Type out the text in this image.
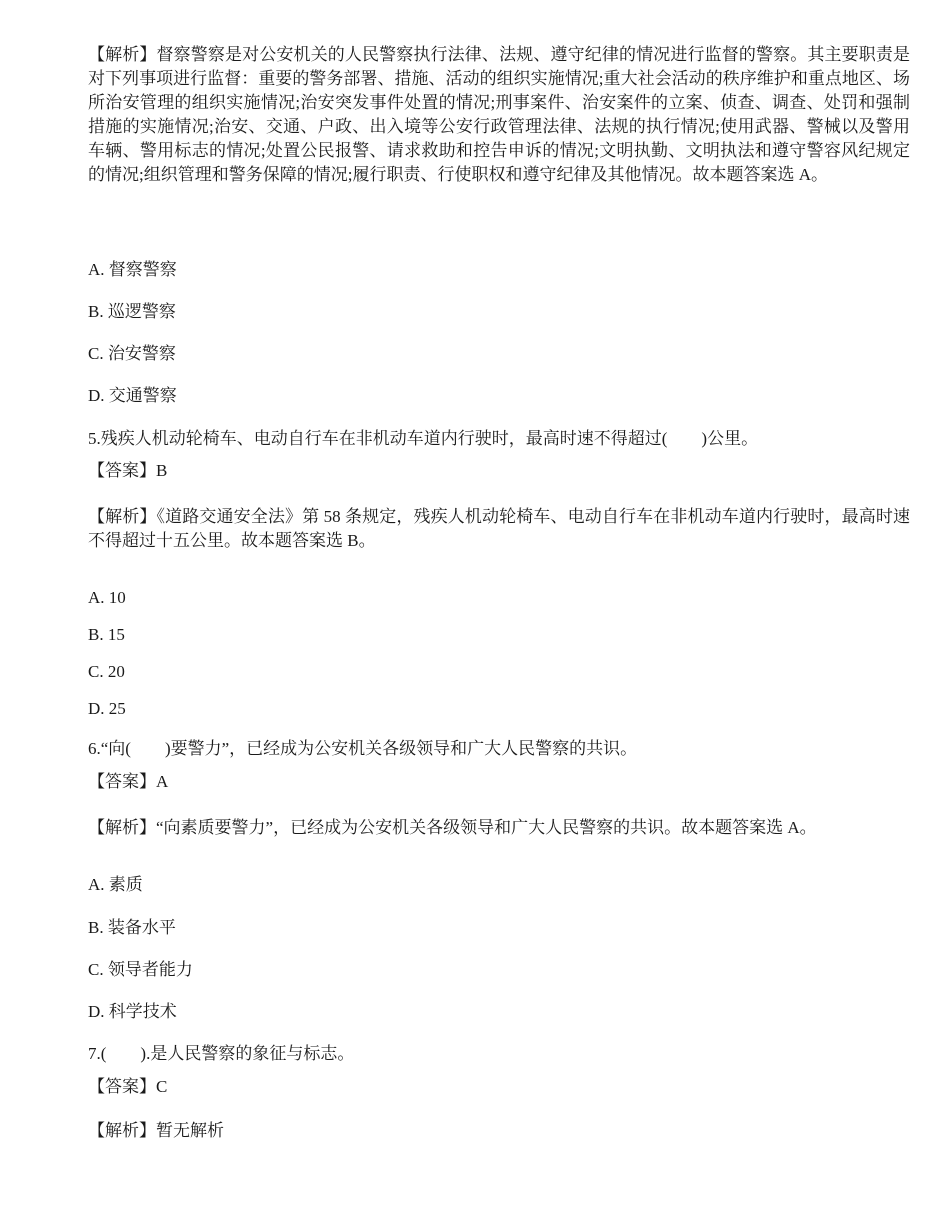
【解析】督察警察是对公安机关的人民警察执行法律、法规、遵守纪律的情况进行监督的警察。其主要职责是对下列事项进行监督：重要的警务部署、措施、活动的组织实施情况;重大社会活动的秩序维护和重点地区、场所治安管理的组织实施情况;治安突发事件处置的情况;刑事案件、治安案件的立案、侦查、调查、处罚和强制措施的实施情况;治安、交通、户政、出入境等公安行政管理法律、法规的执行情况;使用武器、警械以及警用车辆、警用标志的情况;处置公民报警、请求救助和控告申诉的情况;文明执勤、文明执法和遵守警容风纪规定的情况;组织管理和警务保障的情况;履行职责、行使职权和遵守纪律及其他情况。故本题答案选 A。

A. 督察警察

B. 巡逻警察

C. 治安警察

D. 交通警察

5.残疾人机动轮椅车、电动自行车在非机动车道内行驶时，最高时速不得超过(　　)公里。

【答案】B

【解析】《道路交通安全法》第 58 条规定，残疾人机动轮椅车、电动自行车在非机动车道内行驶时，最高时速不得超过十五公里。故本题答案选 B。

A. 10

B. 15

C. 20

D. 25

6.“向(　　)要警力”，已经成为公安机关各级领导和广大人民警察的共识。

【答案】A

【解析】“向素质要警力”，已经成为公安机关各级领导和广大人民警察的共识。故本题答案选 A。

A. 素质

B. 装备水平

C. 领导者能力

D. 科学技术

7.(　　).是人民警察的象征与标志。

【答案】C

【解析】暂无解析
